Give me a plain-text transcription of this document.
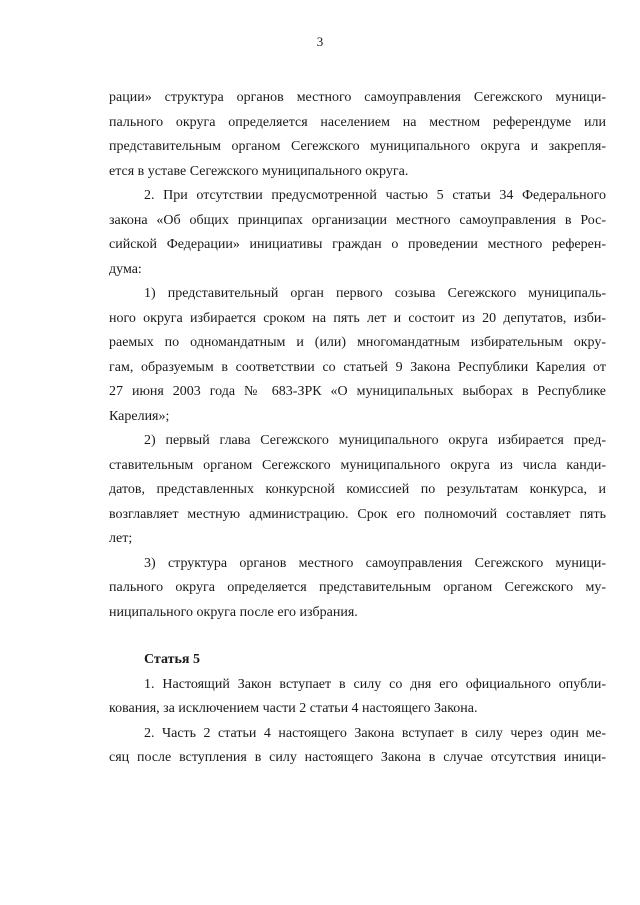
3
рации» структура органов местного самоуправления Сегежского муници-
пального округа определяется населением на местном референдуме или
представительным органом Сегежского муниципального округа и закрепля-
ется в уставе Сегежского муниципального округа.
2. При отсутствии предусмотренной частью 5 статьи 34 Федерального
закона «Об общих принципах организации местного самоуправления в Рос-
сийской Федерации» инициативы граждан о проведении местного референ-
дума:
1) представительный орган первого созыва Сегежского муниципаль-
ного округа избирается сроком на пять лет и состоит из 20 депутатов, изби-
раемых по одномандатным и (или) многомандатным избирательным окру-
гам, образуемым в соответствии со статьей 9 Закона Республики Карелия от
27 июня 2003 года № 683-ЗРК «О муниципальных выборах в Республике
Карелия»;
2) первый глава Сегежского муниципального округа избирается пред-
ставительным органом Сегежского муниципального округа из числа канди-
датов, представленных конкурсной комиссией по результатам конкурса, и
возглавляет местную администрацию. Срок его полномочий составляет пять
лет;
3) структура органов местного самоуправления Сегежского муници-
пального округа определяется представительным органом Сегежского му-
ниципального округа после его избрания.
Статья 5
1. Настоящий Закон вступает в силу со дня его официального опубли-
кования, за исключением части 2 статьи 4 настоящего Закона.
2. Часть 2 статьи 4 настоящего Закона вступает в силу через один ме-
сяц после вступления в силу настоящего Закона в случае отсутствия иници-
